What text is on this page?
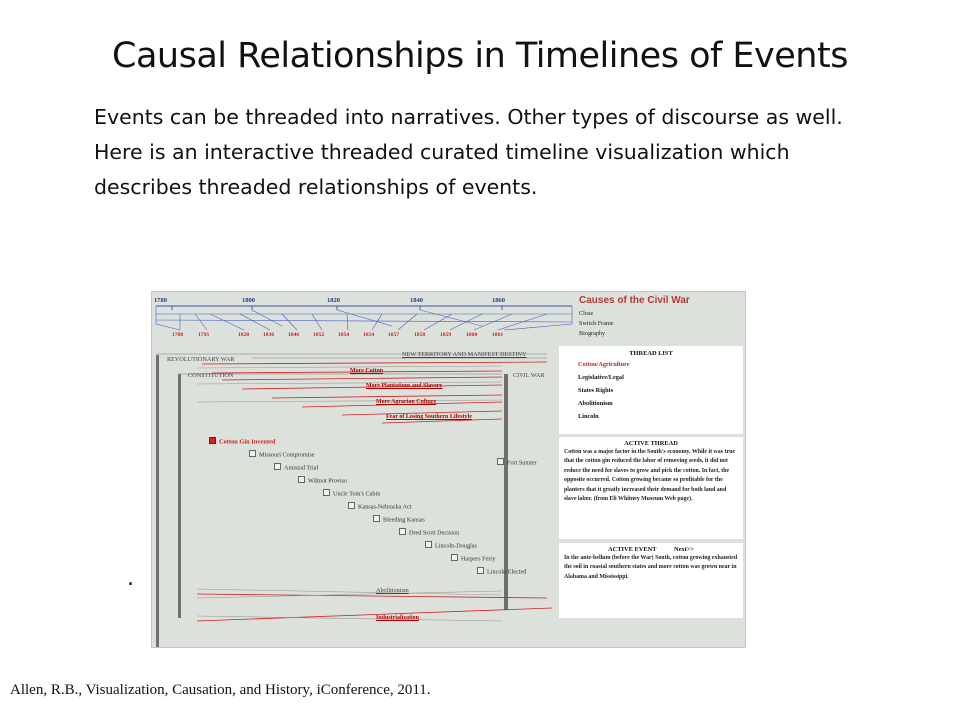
Causal Relationships in Timelines of Events
Events can be threaded into narratives. Other types of discourse as well. Here is an interactive threaded curated timeline visualization which describes threaded relationships of events.
1780	1800	1820	1840	1860
1788	1795	1820 1836 1846 1852 1854 1854 1857	1858	1859	1860	1861
REVOLUTIONARY WAR
CONSTITUTION
NEW TERRITORY AND MANIFEST DESTINY
CIVIL WAR
More Cotton
More Plantations and Slavery
More Agrarian Culture
Fear of Losing Southern Lifestyle
Cotton Gin Invented
Missouri Compromise
Amistad Trial
Wilmot Proviso
Uncle Tom's Cabin
Kansas-Nebraska Act
Bleeding Kansas
Dred Scott Decision
Lincoln-Douglas
Harpers Ferry
Lincoln Elected
Fort Sumter
Abolitionism
Industrialization
Causes of the Civil War
Close
Switch Frame
Biography
THREAD LIST
Cotton/Agriculture
Legislative/Legal
States Rights
Abolitionism
Lincoln
ACTIVE THREAD
Cotton was a major factor in the South's economy. While it was true that the cotton gin reduced the labor of removing seeds, it did not reduce the need for slaves to grow and pick the cotton. In fact, the opposite occurred. Cotton growing became so profitable for the planters that it greatly increased their demand for both land and slave labor. (from Eli Whitney Museum Web page).
ACTIVE EVENT	Next>>
In the ante-bellum (before the War) South, cotton growing exhausted the soil in coastal southern states and more cotton was grown near in Alabama and Mississippi.
.
Allen, R.B., Visualization, Causation, and History, iConference, 2011.
